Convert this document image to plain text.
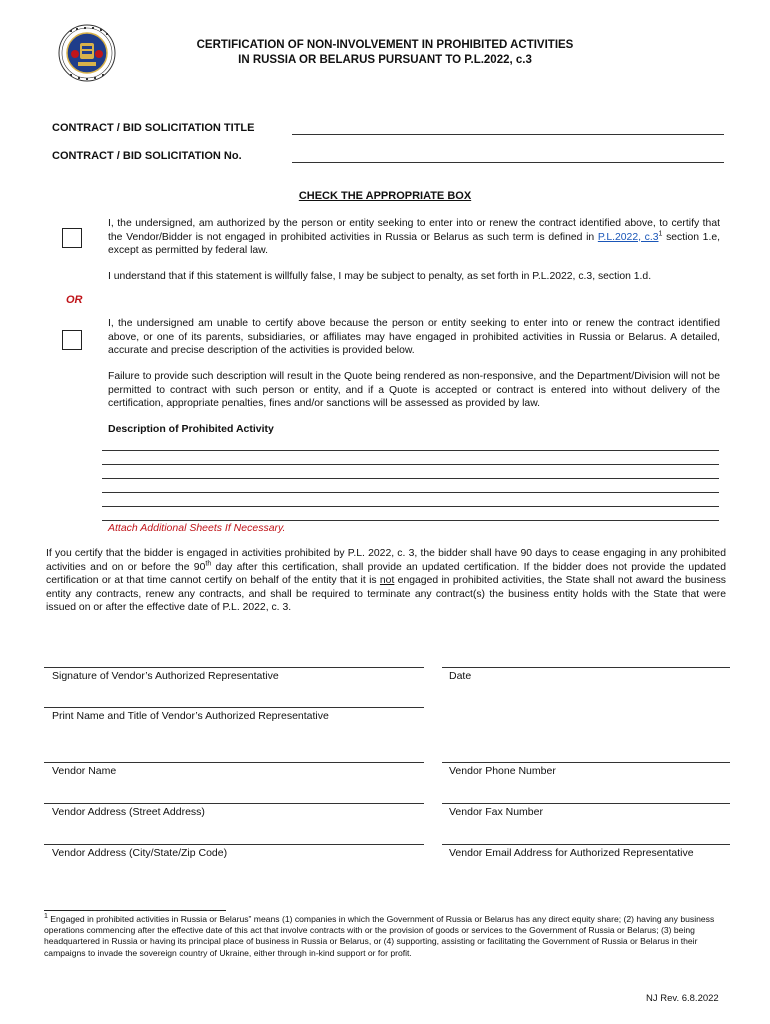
CERTIFICATION OF NON-INVOLVEMENT IN PROHIBITED ACTIVITIES
IN RUSSIA OR BELARUS PURSUANT TO P.L.2022, c.3
CONTRACT / BID SOLICITATION TITLE
CONTRACT / BID SOLICITATION No.
CHECK THE APPROPRIATE BOX
I, the undersigned, am authorized by the person or entity seeking to enter into or renew the contract identified above, to certify that the Vendor/Bidder is not engaged in prohibited activities in Russia or Belarus as such term is defined in P.L.2022, $c.3^1$ section 1.e, except as permitted by federal law.
I understand that if this statement is willfully false, I may be subject to penalty, as set forth in P.L.2022, c.3, section 1.d.
OR
I, the undersigned am unable to certify above because the person or entity seeking to enter into or renew the contract identified above, or one of its parents, subsidiaries, or affiliates may have engaged in prohibited activities in Russia or Belarus. A detailed, accurate and precise description of the activities is provided below.
Failure to provide such description will result in the Quote being rendered as non-responsive, and the Department/Division will not be permitted to contract with such person or entity, and if a Quote is accepted or contract is entered into without delivery of the certification, appropriate penalties, fines and/or sanctions will be assessed as provided by law.
Description of Prohibited Activity
Attach Additional Sheets If Necessary.
If you certify that the bidder is engaged in activities prohibited by P.L. 2022, c. 3, the bidder shall have 90 days to cease engaging in any prohibited activities and on or before the 90th day after this certification, shall provide an updated certification. If the bidder does not provide the updated certification or at that time cannot certify on behalf of the entity that it is not engaged in prohibited activities, the State shall not award the business entity any contracts, renew any contracts, and shall be required to terminate any contract(s) the business entity holds with the State that were issued on or after the effective date of P.L. 2022, c. 3.
Signature of Vendor’s Authorized Representative	Date
Print Name and Title of Vendor’s Authorized Representative
Vendor Name	Vendor Phone Number
Vendor Address (Street Address)	Vendor Fax Number
Vendor Address (City/State/Zip Code)	Vendor Email Address for Authorized Representative
$^1$ Engaged in prohibited activities in Russia or Belarus” means (1) companies in which the Government of Russia or Belarus has any direct equity share; (2) having any business operations commencing after the effective date of this act that involve contracts with or the provision of goods or services to the Government of Russia or Belarus; (3) being headquartered in Russia or having its principal place of business in Russia or Belarus, or (4) supporting, assisting or facilitating the Government of Russia or Belarus in their campaigns to invade the sovereign country of Ukraine, either through in-kind support or for profit.
NJ Rev. 6.8.2022
